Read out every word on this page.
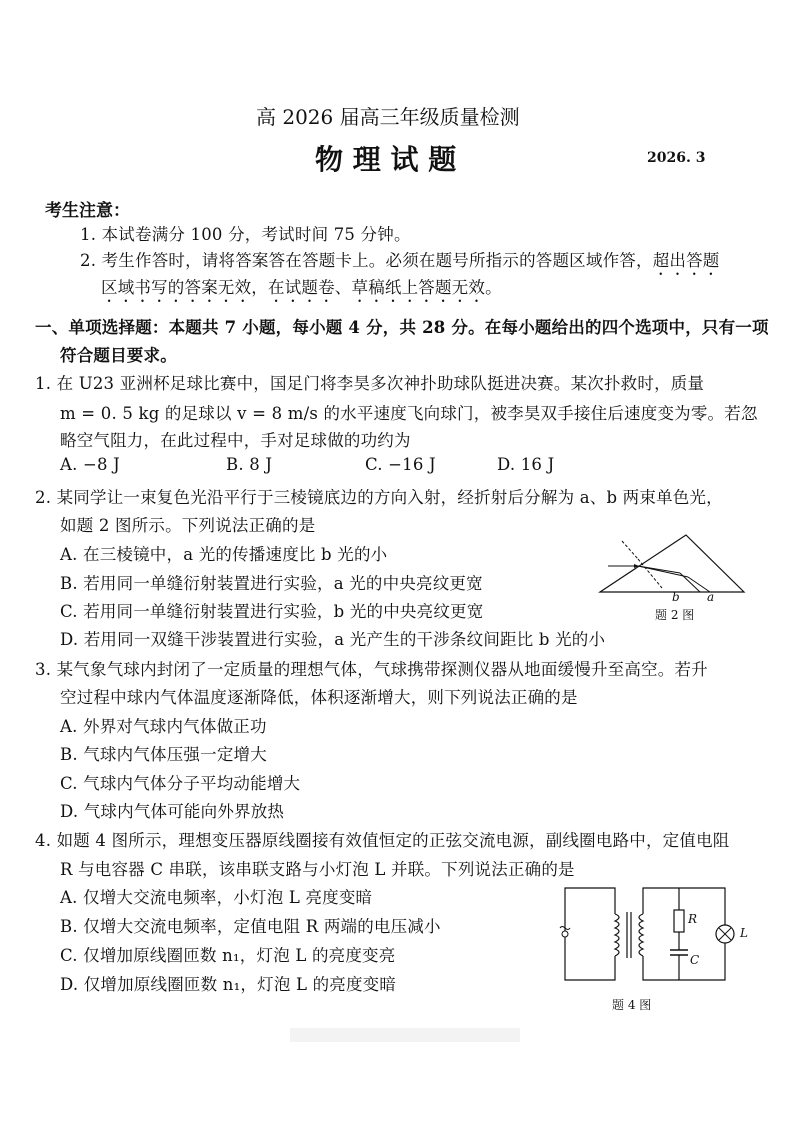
高 2026 届高三年级质量检测
物 理 试 题	2026. 3
考生注意：
1. 本试卷满分 100 分，考试时间 75 分钟。
2. 考生作答时，请将答案答在答题卡上。必须在题号所指示的答题区域作答，超出答题
区域书写的答案无效，在试题卷、草稿纸上答题无效。
一、单项选择题：本题共 7 小题，每小题 4 分，共 28 分。在每小题给出的四个选项中，只有一项
符合题目要求。
1. 在 U23 亚洲杯足球比赛中，国足门将李昊多次神扑助球队挺进决赛。某次扑救时，质量
m = 0. 5 kg 的足球以 v = 8 m/s 的水平速度飞向球门，被李昊双手接住后速度变为零。若忽
略空气阻力，在此过程中，手对足球做的功约为
A. −8 J	B. 8 J	C. −16 J	D. 16 J
2. 某同学让一束复色光沿平行于三棱镜底边的方向入射，经折射后分解为 a、b 两束单色光，
如题 2 图所示。下列说法正确的是
A. 在三棱镜中，a 光的传播速度比 b 光的小
B. 若用同一单缝衍射装置进行实验，a 光的中央亮纹更宽
C. 若用同一单缝衍射装置进行实验，b 光的中央亮纹更宽
D. 若用同一双缝干涉装置进行实验，a 光产生的干涉条纹间距比 b 光的小
b a
题 2 图
3. 某气象气球内封闭了一定质量的理想气体，气球携带探测仪器从地面缓慢升至高空。若升
空过程中球内气体温度逐渐降低，体积逐渐增大，则下列说法正确的是
A. 外界对气球内气体做正功
B. 气球内气体压强一定增大
C. 气球内气体分子平均动能增大
D. 气球内气体可能向外界放热
4. 如题 4 图所示，理想变压器原线圈接有效值恒定的正弦交流电源，副线圈电路中，定值电阻
R 与电容器 C 串联，该串联支路与小灯泡 L 并联。下列说法正确的是
A. 仅增大交流电频率，小灯泡 L 亮度变暗
B. 仅增大交流电频率，定值电阻 R 两端的电压减小
C. 仅增加原线圈匝数 n₁，灯泡 L 的亮度变亮
D. 仅增加原线圈匝数 n₁，灯泡 L 的亮度变暗
R
C
L
题 4 图
